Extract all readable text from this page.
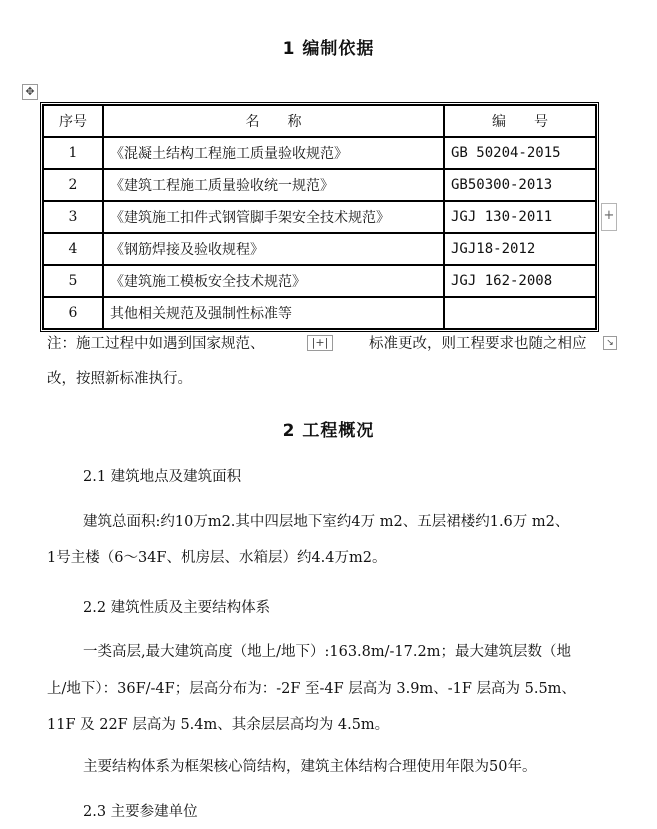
1 编制依据
✥
序号	名　　称	编　　号
1	《混凝土结构工程施工质量验收规范》	GB 50204-2015
2	《建筑工程施工质量验收统一规范》	GB50300-2013
3	《建筑施工扣件式钢管脚手架安全技术规范》	JGJ 130-2011
4	《钢筋焊接及验收规程》	JGJ18-2012
5	《建筑施工模板安全技术规范》	JGJ 162-2008
6	其他相关规范及强制性标准等	
+
注：施工过程中如遇到国家规范、	|+|	标准更改，则工程要求也随之相应	↘
改，按照新标准执行。
2 工程概况
2.1 建筑地点及建筑面积
建筑总面积:约10万m2.其中四层地下室约4万 m2、五层裙楼约1.6万 m2、
1号主楼（6～34F、机房层、水箱层）约4.4万m2。
2.2 建筑性质及主要结构体系
一类高层,最大建筑高度（地上/地下）:163.8m/-17.2m；最大建筑层数（地
上/地下）：36F/-4F；层高分布为：-2F 至-4F 层高为 3.9m、-1F 层高为 5.5m、
11F 及 22F 层高为 5.4m、其余层层高均为 4.5m。
主要结构体系为框架核心筒结构，建筑主体结构合理使用年限为50年。
2.3 主要参建单位
